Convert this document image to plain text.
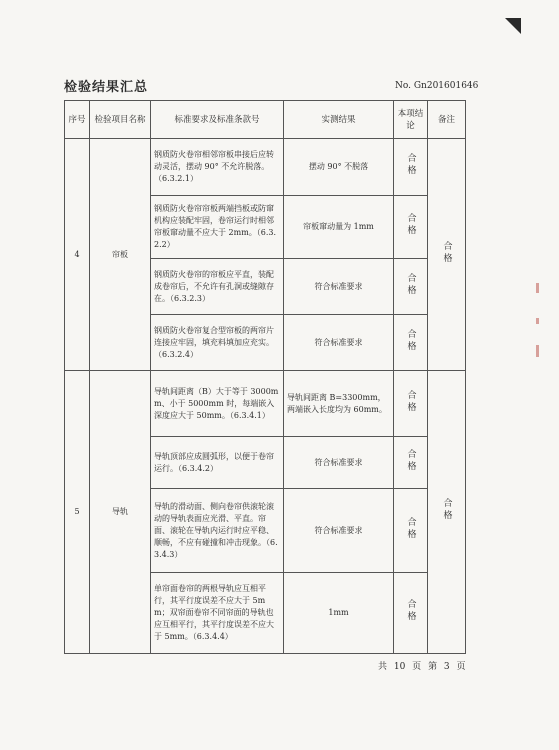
检验结果汇总	No. Gn201601646
序号	检验项目名称	标准要求及标准条款号	实测结果	本项结论	备注
4	帘板	钢质防火卷帘相邻帘板串接后应转动灵活，摆动 90° 不允许脱落。（6.3.2.1）	摆动 90° 不脱落	合格	合格
		钢质防火卷帘帘板两端挡板或防窜机构应装配牢固，卷帘运行时相邻帘板窜动量不应大于 2mm。（6.3.2.2）	帘板窜动量为 1mm	合格	
		钢质防火卷帘的帘板应平直，装配成卷帘后，不允许有孔洞或缝隙存在。（6.3.2.3）	符合标准要求	合格	
		钢质防火卷帘复合型帘板的两帘片连接应牢固，填充料填加应充实。（6.3.2.4）	符合标准要求	合格	
5	导轨	导轨间距离（B）大于等于 3000mm、小于 5000mm 时，每端嵌入深度应大于 50mm。（6.3.4.1）	导轨间距离 B=3300mm，两端嵌入长度均为 60mm。	合格	合格
		导轨顶部应成圆弧形，以便于卷帘运行。（6.3.4.2）	符合标准要求	合格	
		导轨的滑动面、侧向卷帘供滚轮滚动的导轨表面应光滑、平直。帘面、滚轮在导轨内运行时应平稳、顺畅，不应有碰撞和冲击现象。（6.3.4.3）	符合标准要求	合格	
		单帘面卷帘的两根导轨应互相平行，其平行度误差不应大于 5mm；双帘面卷帘不同帘面的导轨也应互相平行，其平行度误差不应大于 5mm。（6.3.4.4）	1mm	合格	
共 10 页 第 3 页
